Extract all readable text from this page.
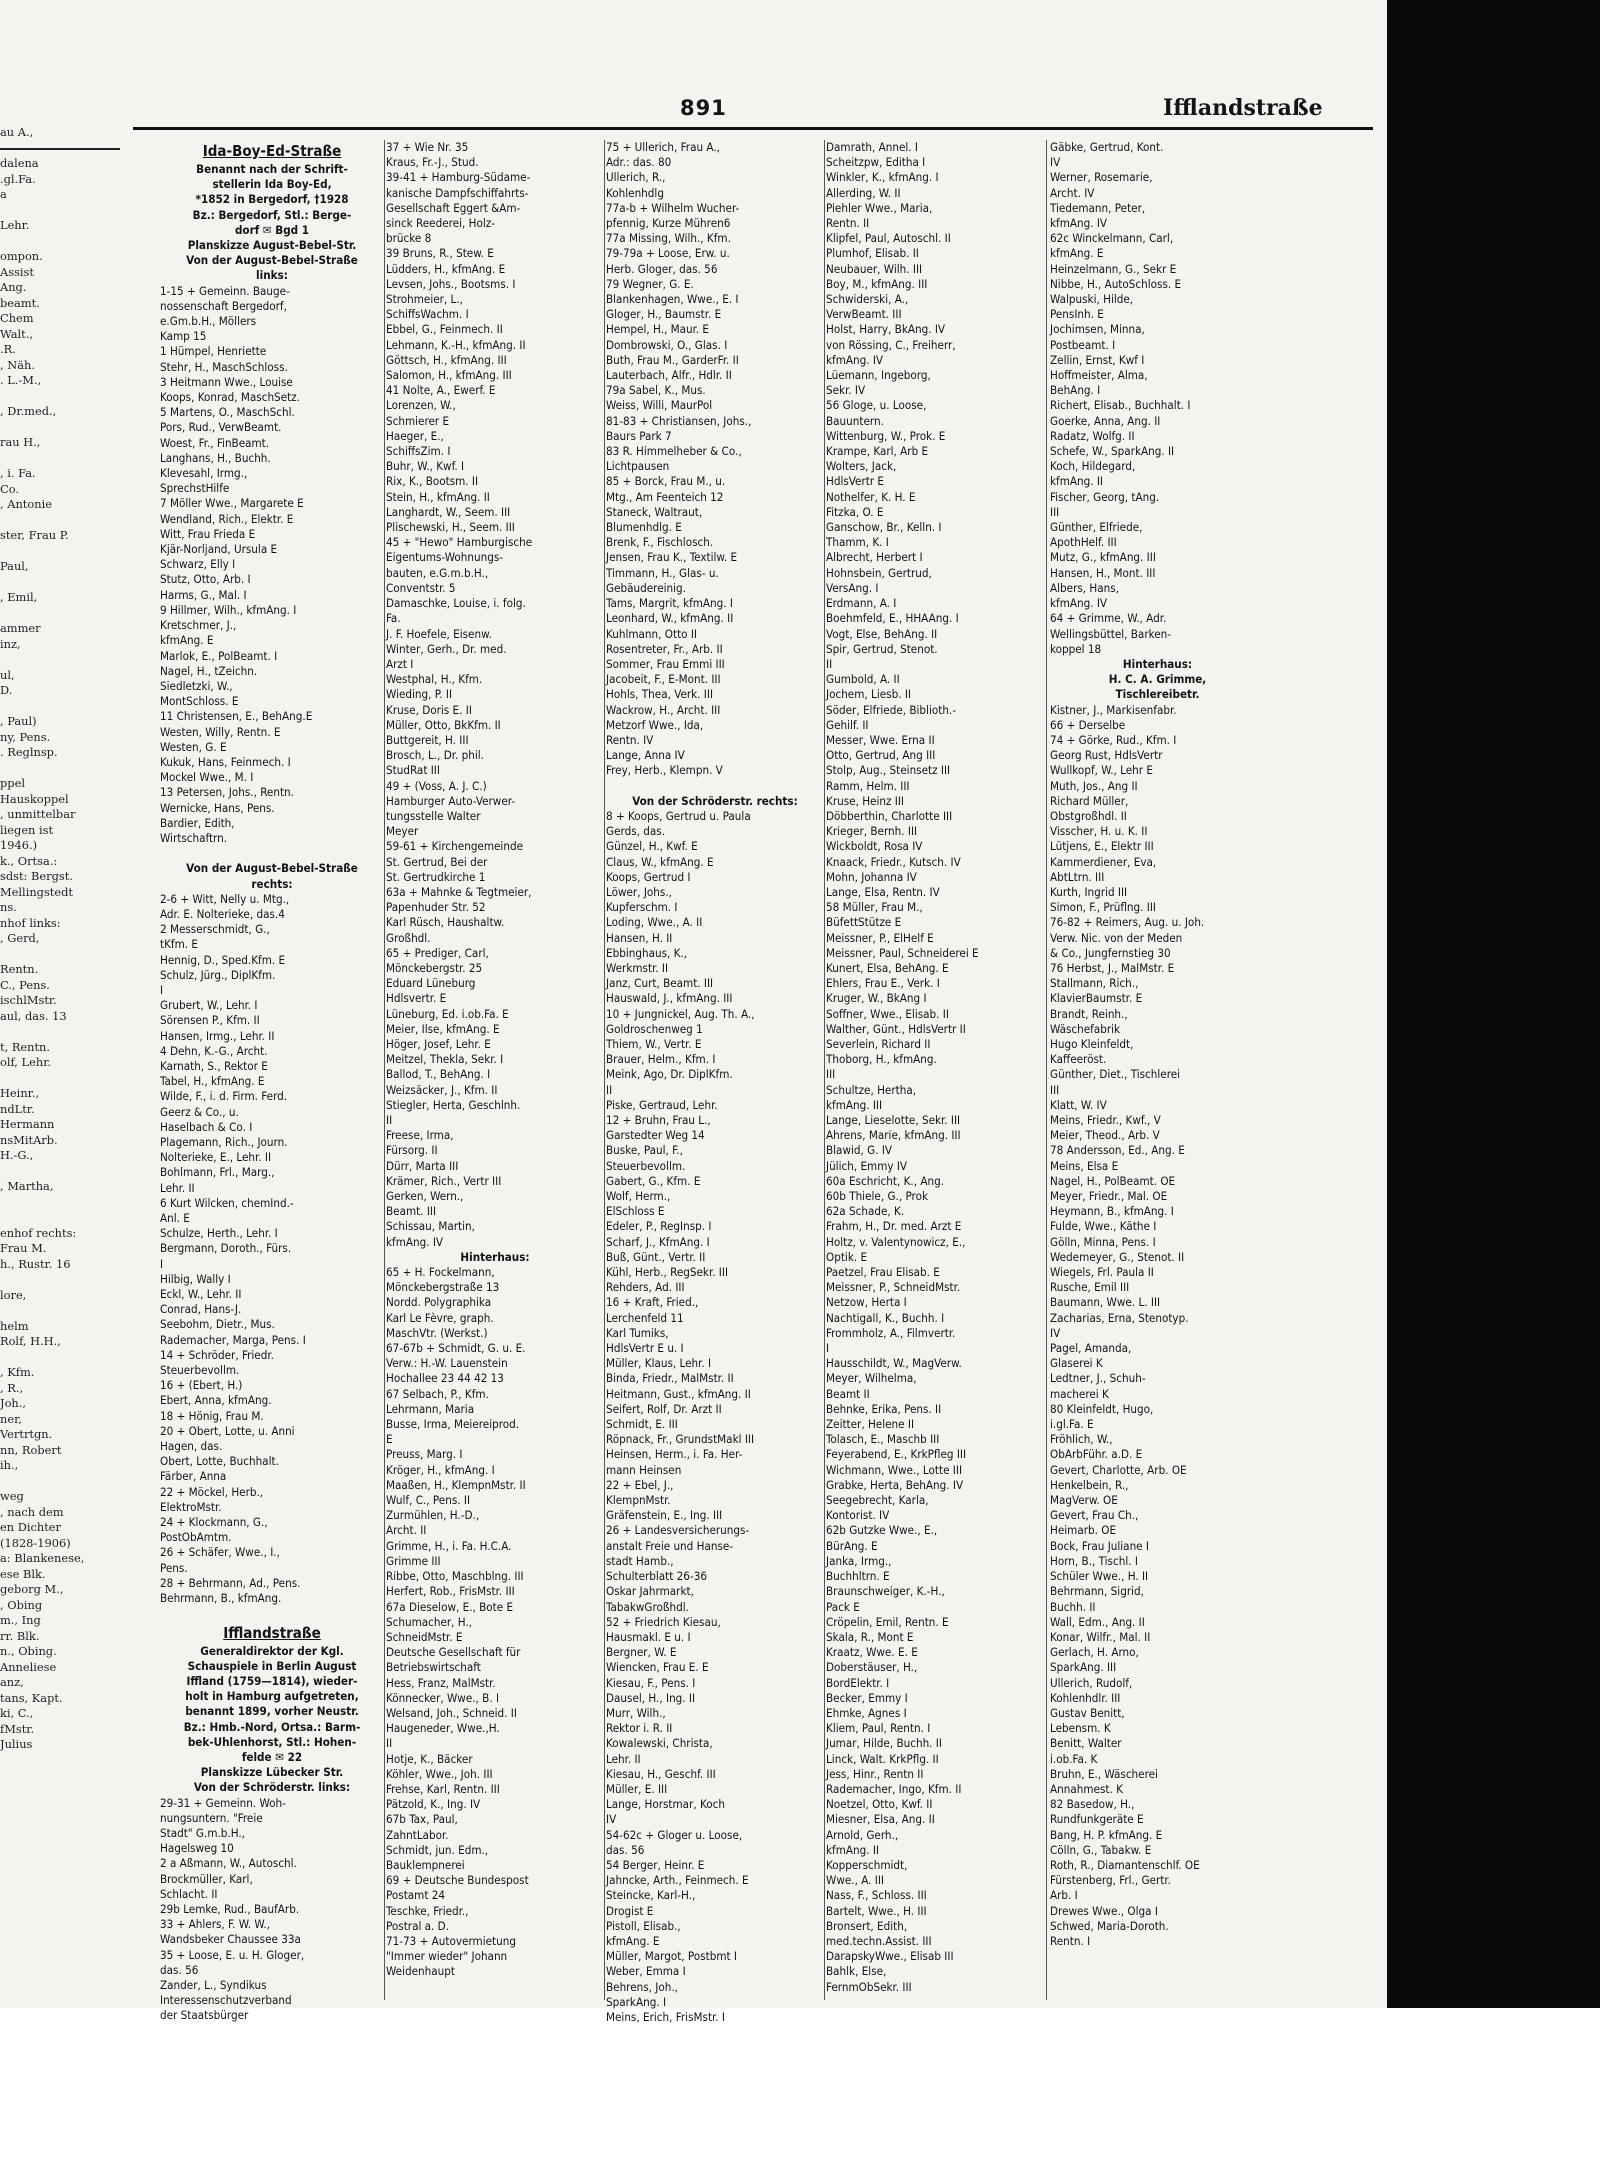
au A.,

dalena
.gl.Fa.
a

Lehr.

ompon.
Assist
Ang.
beamt.
Chem
Walt.,
.R.
, Näh.
. L.-M.,

, Dr.med.,

rau H.,

, i. Fa.
Co.
, Antonie

ster, Frau P.

Paul,

, Emil,

ammer
inz,

ul,
D.

, Paul)
ny, Pens.
. Reglnsp.

ppel
Hauskoppel
, unmittelbar
liegen ist
1946.)
k., Ortsa.:
sdst: Bergst.
Mellingstedt
ns.
nhof links:
, Gerd,

Rentn.
C., Pens.
ischlMstr.
aul, das. 13

t, Rentn.
olf, Lehr.

Heinr.,
ndLtr.
Hermann
nsMitArb.
H.-G.,

, Martha,

enhof rechts:
Frau M.
h., Rustr. 16

lore,

helm
Rolf, H.H.,

, Kfm.
, R.,
Joh.,
ner,
Vertrtgn.
nn, Robert
ih.,

weg
, nach dem
en Dichter
(1828-1906)
a: Blankenese,
ese Blk.
geborg M.,
, Obing
m., Ing
rr. Blk.
n., Obing.
Anneliese
anz,
tans, Kapt.
ki, C.,
fMstr.
Julius
891	Ifflandstraße
Ida-Boy-Ed-Straße
Benannt nach der Schrift-
stellerin Ida Boy-Ed,
*1852 in Bergedorf, †1928
Bz.: Bergedorf, Stl.: Berge-
dorf ✉ Bgd 1
Planskizze August-Bebel-Str.
Von der August-Bebel-Straße
links:
1-15 + Gemeinn. Bauge-
nossenschaft Bergedorf,
e.Gm.b.H., Möllers
Kamp 15
1 Hümpel, Henriette
Stehr, H., MaschSchloss.
3 Heitmann Wwe., Louise
Koops, Konrad, MaschSetz.
5 Martens, O., MaschSchl.
Pors, Rud., VerwBeamt.
Woest, Fr., FinBeamt.
Langhans, H., Buchh.
Klevesahl, Irmg.,
SprechstHilfe
7 Möller Wwe., Margarete E
Wendland, Rich., Elektr. E
Witt, Frau Frieda E
Kjär-Norljand, Ursula E
Schwarz, Elly I
Stutz, Otto, Arb. I
Harms, G., Mal. I
9 Hillmer, Wilh., kfmAng. I
Kretschmer, J.,
kfmAng. E
Marlok, E., PolBeamt. I
Nagel, H., tZeichn.
Siedletzki, W.,
MontSchloss. E
11 Christensen, E., BehAng.E
Westen, Willy, Rentn. E
Westen, G. E
Kukuk, Hans, Feinmech. I
Mockel Wwe., M. I
13 Petersen, Johs., Rentn.
Wernicke, Hans, Pens.
Bardier, Edith,
Wirtschaftrn.

Von der August-Bebel-Straße
rechts:
2-6 + Witt, Nelly u. Mtg.,
Adr. E. Nolterieke, das.4
2 Messerschmidt, G.,
tKfm. E
Hennig, D., Sped.Kfm. E
Schulz, Jürg., DiplKfm.
I
Grubert, W., Lehr. I
Sörensen P., Kfm. II
Hansen, Irmg., Lehr. II
4 Dehn, K.-G., Archt.
Karnath, S., Rektor E
Tabel, H., kfmAng. E
Wilde, F., i. d. Firm. Ferd.
Geerz & Co., u.
Haselbach & Co. I
Plagemann, Rich., Journ.
Nolterieke, E., Lehr. II
Bohlmann, Frl., Marg.,
Lehr. II
6 Kurt Wilcken, chemInd.-
Anl. E
Schulze, Herth., Lehr. I
Bergmann, Doroth., Fürs.
I
Hilbig, Wally I
Eckl, W., Lehr. II
Conrad, Hans-J.
Seebohm, Dietr., Mus.
Rademacher, Marga, Pens. I
14 + Schröder, Friedr.
Steuerbevollm.
16 + (Ebert, H.)
Ebert, Anna, kfmAng.
18 + Hönig, Frau M.
20 + Obert, Lotte, u. Anni
Hagen, das.
Obert, Lotte, Buchhalt.
Färber, Anna
22 + Möckel, Herb.,
ElektroMstr.
24 + Klockmann, G.,
PostObAmtm.
26 + Schäfer, Wwe., I.,
Pens.
28 + Behrmann, Ad., Pens.
Behrmann, B., kfmAng.

Ifflandstraße
Generaldirektor der Kgl.
Schauspiele in Berlin August
Iffland (1759—1814), wieder-
holt in Hamburg aufgetreten,
benannt 1899, vorher Neustr.
Bz.: Hmb.-Nord, Ortsa.: Barm-
bek-Uhlenhorst, Stl.: Hohen-
felde ✉ 22
Planskizze Lübecker Str.
Von der Schröderstr. links:
29-31 + Gemeinn. Woh-
nungsuntern. "Freie
Stadt" G.m.b.H.,
Hagelsweg 10
2 a Aßmann, W., Autoschl.
Brockmüller, Karl,
Schlacht. II
29b Lemke, Rud., BaufArb.
33 + Ahlers, F. W. W.,
Wandsbeker Chaussee 33a
35 + Loose, E. u. H. Gloger,
das. 56
Zander, L., Syndikus
Interessenschutzverband
der Staatsbürger
37 + Wie Nr. 35
Kraus, Fr.-J., Stud.
39-41 + Hamburg-Südame-
kanische Dampfschiffahrts-
Gesellschaft Eggert &Am-
sinck Reederei, Holz-
brücke 8
39 Bruns, R., Stew. E
Lüdders, H., kfmAng. E
Levsen, Johs., Bootsms. I
Strohmeier, L.,
SchiffsWachm. I
Ebbel, G., Feinmech. II
Lehmann, K.-H., kfmAng. II
Göttsch, H., kfmAng. III
Salomon, H., kfmAng. III
41 Nolte, A., Ewerf. E
Lorenzen, W.,
Schmierer E
Haeger, E.,
SchiffsZim. I
Buhr, W., Kwf. I
Rix, K., Bootsm. II
Stein, H., kfmAng. II
Langhardt, W., Seem. III
Plischewski, H., Seem. III
45 + "Hewo" Hamburgische
Eigentums-Wohnungs-
bauten, e.G.m.b.H.,
Conventstr. 5
Damaschke, Louise, i. folg.
Fa.
J. F. Hoefele, Eisenw.
Winter, Gerh., Dr. med.
Arzt I
Westphal, H., Kfm.
Wieding, P. II
Kruse, Doris E. II
Müller, Otto, BkKfm. II
Buttgereit, H. III
Brosch, L., Dr. phil.
StudRat III
49 + (Voss, A. J. C.)
Hamburger Auto-Verwer-
tungsstelle Walter
Meyer
59-61 + Kirchengemeinde
St. Gertrud, Bei der
St. Gertrudkirche 1
63a + Mahnke & Tegtmeier,
Papenhuder Str. 52
Karl Rüsch, Haushaltw.
Großhdl.
65 + Prediger, Carl,
Mönckebergstr. 25
Eduard Lüneburg
Hdlsvertr. E
Lüneburg, Ed. i.ob.Fa. E
Meier, Ilse, kfmAng. E
Höger, Josef, Lehr. E
Meitzel, Thekla, Sekr. I
Ballod, T., BehAng. I
Weizsäcker, J., Kfm. II
Stiegler, Herta, Geschlnh.
II
Freese, Irma,
Fürsorg. II
Dürr, Marta III
Krämer, Rich., Vertr III
Gerken, Wern.,
Beamt. III
Schissau, Martin,
kfmAng. IV
Hinterhaus:
65 + H. Fockelmann,
Mönckebergstraße 13
Nordd. Polygraphika
Karl Le Fèvre, graph.
MaschVtr. (Werkst.)
67-67b + Schmidt, G. u. E.
Verw.: H.-W. Lauenstein
Hochallee 23 44 42 13
67 Selbach, P., Kfm.
Lehrmann, Maria
Busse, Irma, Meiereiprod.
E
Preuss, Marg. I
Kröger, H., kfmAng. I
Maaßen, H., KlempnMstr. II
Wulf, C., Pens. II
Zurmühlen, H.-D.,
Archt. II
Grimme, H., i. Fa. H.C.A.
Grimme III
Ribbe, Otto, Maschblng. III
Herfert, Rob., FrisMstr. III
67a Dieselow, E., Bote E
Schumacher, H.,
SchneidMstr. E
Deutsche Gesellschaft für
Betriebswirtschaft
Hess, Franz, MalMstr.
Könnecker, Wwe., B. I
Welsand, Joh., Schneid. II
Haugeneder, Wwe.,H.
II
Hotje, K., Bäcker
Köhler, Wwe., Joh. III
Frehse, Karl, Rentn. III
Pätzold, K., Ing. IV
67b Tax, Paul,
ZahntLabor.
Schmidt, jun. Edm.,
Bauklempnerei
69 + Deutsche Bundespost
Postamt 24
Teschke, Friedr.,
Postral a. D.
71-73 + Autovermietung
"Immer wieder" Johann
Weidenhaupt
75 + Ullerich, Frau A.,
Adr.: das. 80
Ullerich, R.,
Kohlenhdlg
77a-b + Wilhelm Wucher-
pfennig, Kurze Mühren6
77a Missing, Wilh., Kfm.
79-79a + Loose, Erw. u.
Herb. Gloger, das. 56
79 Wegner, G. E.
Blankenhagen, Wwe., E. I
Gloger, H., Baumstr. E
Hempel, H., Maur. E
Dombrowski, O., Glas. I
Buth, Frau M., GarderFr. II
Lauterbach, Alfr., Hdlr. II
79a Sabel, K., Mus.
Weiss, Willi, MaurPol
81-83 + Christiansen, Johs.,
Baurs Park 7
83 R. Himmelheber & Co.,
Lichtpausen
85 + Borck, Frau M., u.
Mtg., Am Feenteich 12
Staneck, Waltraut,
Blumenhdlg. E
Brenk, F., Fischlosch.
Jensen, Frau K., Textilw. E
Timmann, H., Glas- u.
Gebäudereinig.
Tams, Margrit, kfmAng. I
Leonhard, W., kfmAng. II
Kuhlmann, Otto II
Rosentreter, Fr., Arb. II
Sommer, Frau Emmi III
Jacobeit, F., E-Mont. III
Hohls, Thea, Verk. III
Wackrow, H., Archt. III
Metzorf Wwe., Ida,
Rentn. IV
Lange, Anna IV
Frey, Herb., Klempn. V

Von der Schröderstr. rechts:
8 + Koops, Gertrud u. Paula
Gerds, das.
Günzel, H., Kwf. E
Claus, W., kfmAng. E
Koops, Gertrud I
Löwer, Johs.,
Kupferschm. I
Loding, Wwe., A. II
Hansen, H. II
Ebbinghaus, K.,
Werkmstr. II
Janz, Curt, Beamt. III
Hauswald, J., kfmAng. III
10 + Jungnickel, Aug. Th. A.,
Goldroschenweg 1
Thiem, W., Vertr. E
Brauer, Helm., Kfm. I
Meink, Ago, Dr. DiplKfm.
II
Piske, Gertraud, Lehr.
12 + Bruhn, Frau L.,
Garstedter Weg 14
Buske, Paul, F.,
Steuerbevollm.
Gabert, G., Kfm. E
Wolf, Herm.,
ElSchloss E
Edeler, P., RegInsp. I
Scharf, J., KfmAng. I
Buß, Günt., Vertr. II
Kühl, Herb., RegSekr. III
Rehders, Ad. III
16 + Kraft, Fried.,
Lerchenfeld 11
Karl Tumiks,
HdlsVertr E u. I
Müller, Klaus, Lehr. I
Binda, Friedr., MalMstr. II
Heitmann, Gust., kfmAng. II
Seifert, Rolf, Dr. Arzt II
Schmidt, E. III
Röpnack, Fr., GrundstMakl III
Heinsen, Herm., i. Fa. Her-
mann Heinsen
22 + Ebel, J.,
KlempnMstr.
Gräfenstein, E., Ing. III
26 + Landesversicherungs-
anstalt Freie und Hanse-
stadt Hamb.,
Schulterblatt 26-36
Oskar Jahrmarkt,
TabakwGroßhdl.
52 + Friedrich Kiesau,
Hausmakl. E u. I
Bergner, W. E
Wiencken, Frau E. E
Kiesau, F., Pens. I
Dausel, H., Ing. II
Murr, Wilh.,
Rektor i. R. II
Kowalewski, Christa,
Lehr. II
Kiesau, H., Geschf. III
Müller, E. III
Lange, Horstmar, Koch
IV
54-62c + Gloger u. Loose,
das. 56
54 Berger, Heinr. E
Jahncke, Arth., Feinmech. E
Steincke, Karl-H.,
Drogist E
Pistoll, Elisab.,
kfmAng. E
Müller, Margot, Postbmt I
Weber, Emma I
Behrens, Joh.,
SparkAng. I
Meins, Erich, FrisMstr. I
Damrath, Annel. I
Scheitzpw, Editha I
Winkler, K., kfmAng. I
Allerding, W. II
Piehler Wwe., Maria,
Rentn. II
Klipfel, Paul, Autoschl. II
Plumhof, Elisab. II
Neubauer, Wilh. III
Boy, M., kfmAng. III
Schwiderski, A.,
VerwBeamt. III
Holst, Harry, BkAng. IV
von Rössing, C., Freiherr,
kfmAng. IV
Lüemann, Ingeborg,
Sekr. IV
56 Gloge, u. Loose,
Bauuntern.
Wittenburg, W., Prok. E
Krampe, Karl, Arb E
Wolters, Jack,
HdlsVertr E
Nothelfer, K. H. E
Fitzka, O. E
Ganschow, Br., Kelln. I
Thamm, K. I
Albrecht, Herbert I
Hohnsbein, Gertrud,
VersAng. I
Erdmann, A. I
Boehmfeld, E., HHAAng. I
Vogt, Else, BehAng. II
Spir, Gertrud, Stenot.
II
Gumbold, A. II
Jochem, Liesb. II
Söder, Elfriede, Biblioth.-
Gehilf. II
Messer, Wwe. Erna II
Otto, Gertrud, Ang III
Stolp, Aug., Steinsetz III
Ramm, Helm. III
Kruse, Heinz III
Döbberthin, Charlotte III
Krieger, Bernh. III
Wickboldt, Rosa IV
Knaack, Friedr., Kutsch. IV
Mohn, Johanna IV
Lange, Elsa, Rentn. IV
58 Müller, Frau M.,
BüfettStütze E
Meissner, P., ElHelf E
Meissner, Paul, Schneiderei E
Kunert, Elsa, BehAng. E
Ehlers, Frau E., Verk. I
Kruger, W., BkAng I
Soffner, Wwe., Elisab. II
Walther, Günt., HdlsVertr II
Severlein, Richard II
Thoborg, H., kfmAng.
III
Schultze, Hertha,
kfmAng. III
Lange, Lieselotte, Sekr. III
Ahrens, Marie, kfmAng. III
Blawid, G. IV
Jülich, Emmy IV
60a Eschricht, K., Ang.
60b Thiele, G., Prok
62a Schade, K.
Frahm, H., Dr. med. Arzt E
Holtz, v. Valentynowicz, E.,
Optik. E
Paetzel, Frau Elisab. E
Meissner, P., SchneidMstr.
Netzow, Herta I
Nachtigall, K., Buchh. I
Frommholz, A., Filmvertr.
I
Hausschildt, W., MagVerw.
Meyer, Wilhelma,
Beamt II
Behnke, Erika, Pens. II
Zeitter, Helene II
Tolasch, E., Maschb III
Feyerabend, E., KrkPfleg III
Wichmann, Wwe., Lotte III
Grabke, Herta, BehAng. IV
Seegebrecht, Karla,
Kontorist. IV
62b Gutzke Wwe., E.,
BürAng. E
Janka, Irmg.,
Buchhltrn. E
Braunschweiger, K.-H.,
Pack E
Cröpelin, Emil, Rentn. E
Skala, R., Mont E
Kraatz, Wwe. E. E
Doberstäuser, H.,
BordElektr. I
Becker, Emmy I
Ehmke, Agnes I
Kliem, Paul, Rentn. I
Jumar, Hilde, Buchh. II
Linck, Walt. KrkPflg. II
Jess, Hinr., Rentn II
Rademacher, Ingo, Kfm. II
Noetzel, Otto, Kwf. II
Miesner, Elsa, Ang. II
Arnold, Gerh.,
kfmAng. II
Kopperschmidt,
Wwe., A. III
Nass, F., Schloss. III
Bartelt, Wwe., H. III
Bronsert, Edith,
med.techn.Assist. III
DarapskyWwe., Elisab III
Bahlk, Else,
FernmObSekr. III
Gäbke, Gertrud, Kont.
IV
Werner, Rosemarie,
Archt. IV
Tiedemann, Peter,
kfmAng. IV
62c Winckelmann, Carl,
kfmAng. E
Heinzelmann, G., Sekr E
Nibbe, H., AutoSchloss. E
Walpuski, Hilde,
PensInh. E
Jochimsen, Minna,
Postbeamt. I
Zellin, Ernst, Kwf I
Hoffmeister, Alma,
BehAng. I
Richert, Elisab., Buchhalt. I
Goerke, Anna, Ang. II
Radatz, Wolfg. II
Schefe, W., SparkAng. II
Koch, Hildegard,
kfmAng. II
Fischer, Georg, tAng.
III
Günther, Elfriede,
ApothHelf. III
Mutz, G., kfmAng. III
Hansen, H., Mont. III
Albers, Hans,
kfmAng. IV
64 + Grimme, W., Adr.
Wellingsbüttel, Barken-
koppel 18
Hinterhaus:
H. C. A. Grimme,
Tischlereibetr.
Kistner, J., Markisenfabr.
66 + Derselbe
74 + Görke, Rud., Kfm. I
Georg Rust, HdlsVertr
Wullkopf, W., Lehr E
Muth, Jos., Ang II
Richard Müller,
Obstgroßhdl. II
Visscher, H. u. K. II
Lütjens, E., Elektr III
Kammerdiener, Eva,
AbtLtrn. III
Kurth, Ingrid III
Simon, F., Prüflng. III
76-82 + Reimers, Aug. u. Joh.
Verw. Nic. von der Meden
& Co., Jungfernstieg 30
76 Herbst, J., MalMstr. E
Stallmann, Rich.,
KlavierBaumstr. E
Brandt, Reinh.,
Wäschefabrik
Hugo Kleinfeldt,
Kaffeeröst.
Günther, Diet., Tischlerei
III
Klatt, W. IV
Meins, Friedr., Kwf., V
Meier, Theod., Arb. V
78 Andersson, Ed., Ang. E
Meins, Elsa E
Nagel, H., PolBeamt. OE
Meyer, Friedr., Mal. OE
Heymann, B., kfmAng. I
Fulde, Wwe., Käthe I
Gölln, Minna, Pens. I
Wedemeyer, G., Stenot. II
Wiegels, Frl. Paula II
Rusche, Emil III
Baumann, Wwe. L. III
Zacharias, Erna, Stenotyp.
IV
Pagel, Amanda,
Glaserei K
Ledtner, J., Schuh-
macherei K
80 Kleinfeldt, Hugo,
i.gl.Fa. E
Fröhlich, W.,
ObArbFühr. a.D. E
Gevert, Charlotte, Arb. OE
Henkelbein, R.,
MagVerw. OE
Gevert, Frau Ch.,
Heimarb. OE
Bock, Frau Juliane I
Horn, B., Tischl. I
Schüler Wwe., H. II
Behrmann, Sigrid,
Buchh. II
Wall, Edm., Ang. II
Konar, Wilfr., Mal. II
Gerlach, H. Arno,
SparkAng. III
Ullerich, Rudolf,
Kohlenhdlr. III
Gustav Benitt,
Lebensm. K
Benitt, Walter
i.ob.Fa. K
Bruhn, E., Wäscherei
Annahmest. K
82 Basedow, H.,
Rundfunkgeräte E
Bang, H. P. kfmAng. E
Cölln, G., Tabakw. E
Roth, R., Diamantenschlf. OE
Fürstenberg, Frl., Gertr.
Arb. I
Drewes Wwe., Olga I
Schwed, Maria-Doroth.
Rentn. I
